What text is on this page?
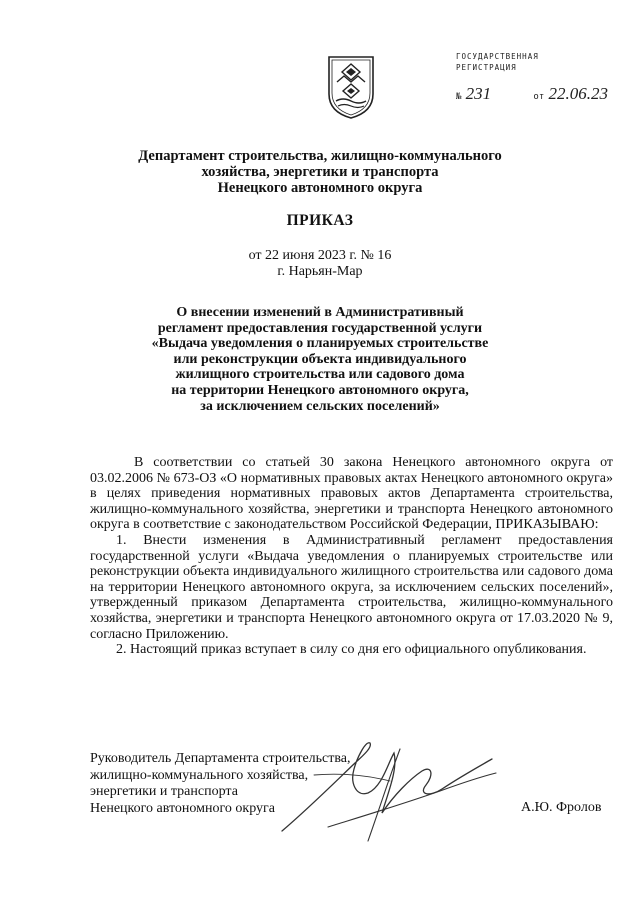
ГОСУДАРСТВЕННАЯ
РЕГИСТРАЦИЯ
№ 231	от 22.06.23
Департамент строительства, жилищно-коммунального
хозяйства, энергетики и транспорта
Ненецкого автономного округа
ПРИКАЗ
от 22 июня 2023 г. № 16
г. Нарьян-Мар
О внесении изменений в Административный
регламент предоставления государственной услуги
«Выдача уведомления о планируемых строительстве
или реконструкции объекта индивидуального
жилищного строительства или садового дома
на территории Ненецкого автономного округа,
за исключением сельских поселений»

В соответствии со статьей 30 закона Ненецкого автономного округа от 03.02.2006 № 673-ОЗ «О нормативных правовых актах Ненецкого автономного округа» в целях приведения нормативных правовых актов Департамента строительства, жилищно-коммунального хозяйства, энергетики и транспорта Ненецкого автономного округа в соответствие с законодательством Российской Федерации, ПРИКАЗЫВАЮ:

1. Внести изменения в Административный регламент предоставления государственной услуги «Выдача уведомления о планируемых строительстве или реконструкции объекта индивидуального жилищного строительства или садового дома на территории Ненецкого автономного округа, за исключением сельских поселений», утвержденный приказом Департамента строительства, жилищно-коммунального хозяйства, энергетики и транспорта Ненецкого автономного округа от 17.03.2020 № 9, согласно Приложению.

2. Настоящий приказ вступает в силу со дня его официального опубликования.

Руководитель Департамента строительства,
жилищно-коммунального хозяйства,
энергетики и транспорта
Ненецкого автономного округа	А.Ю. Фролов
